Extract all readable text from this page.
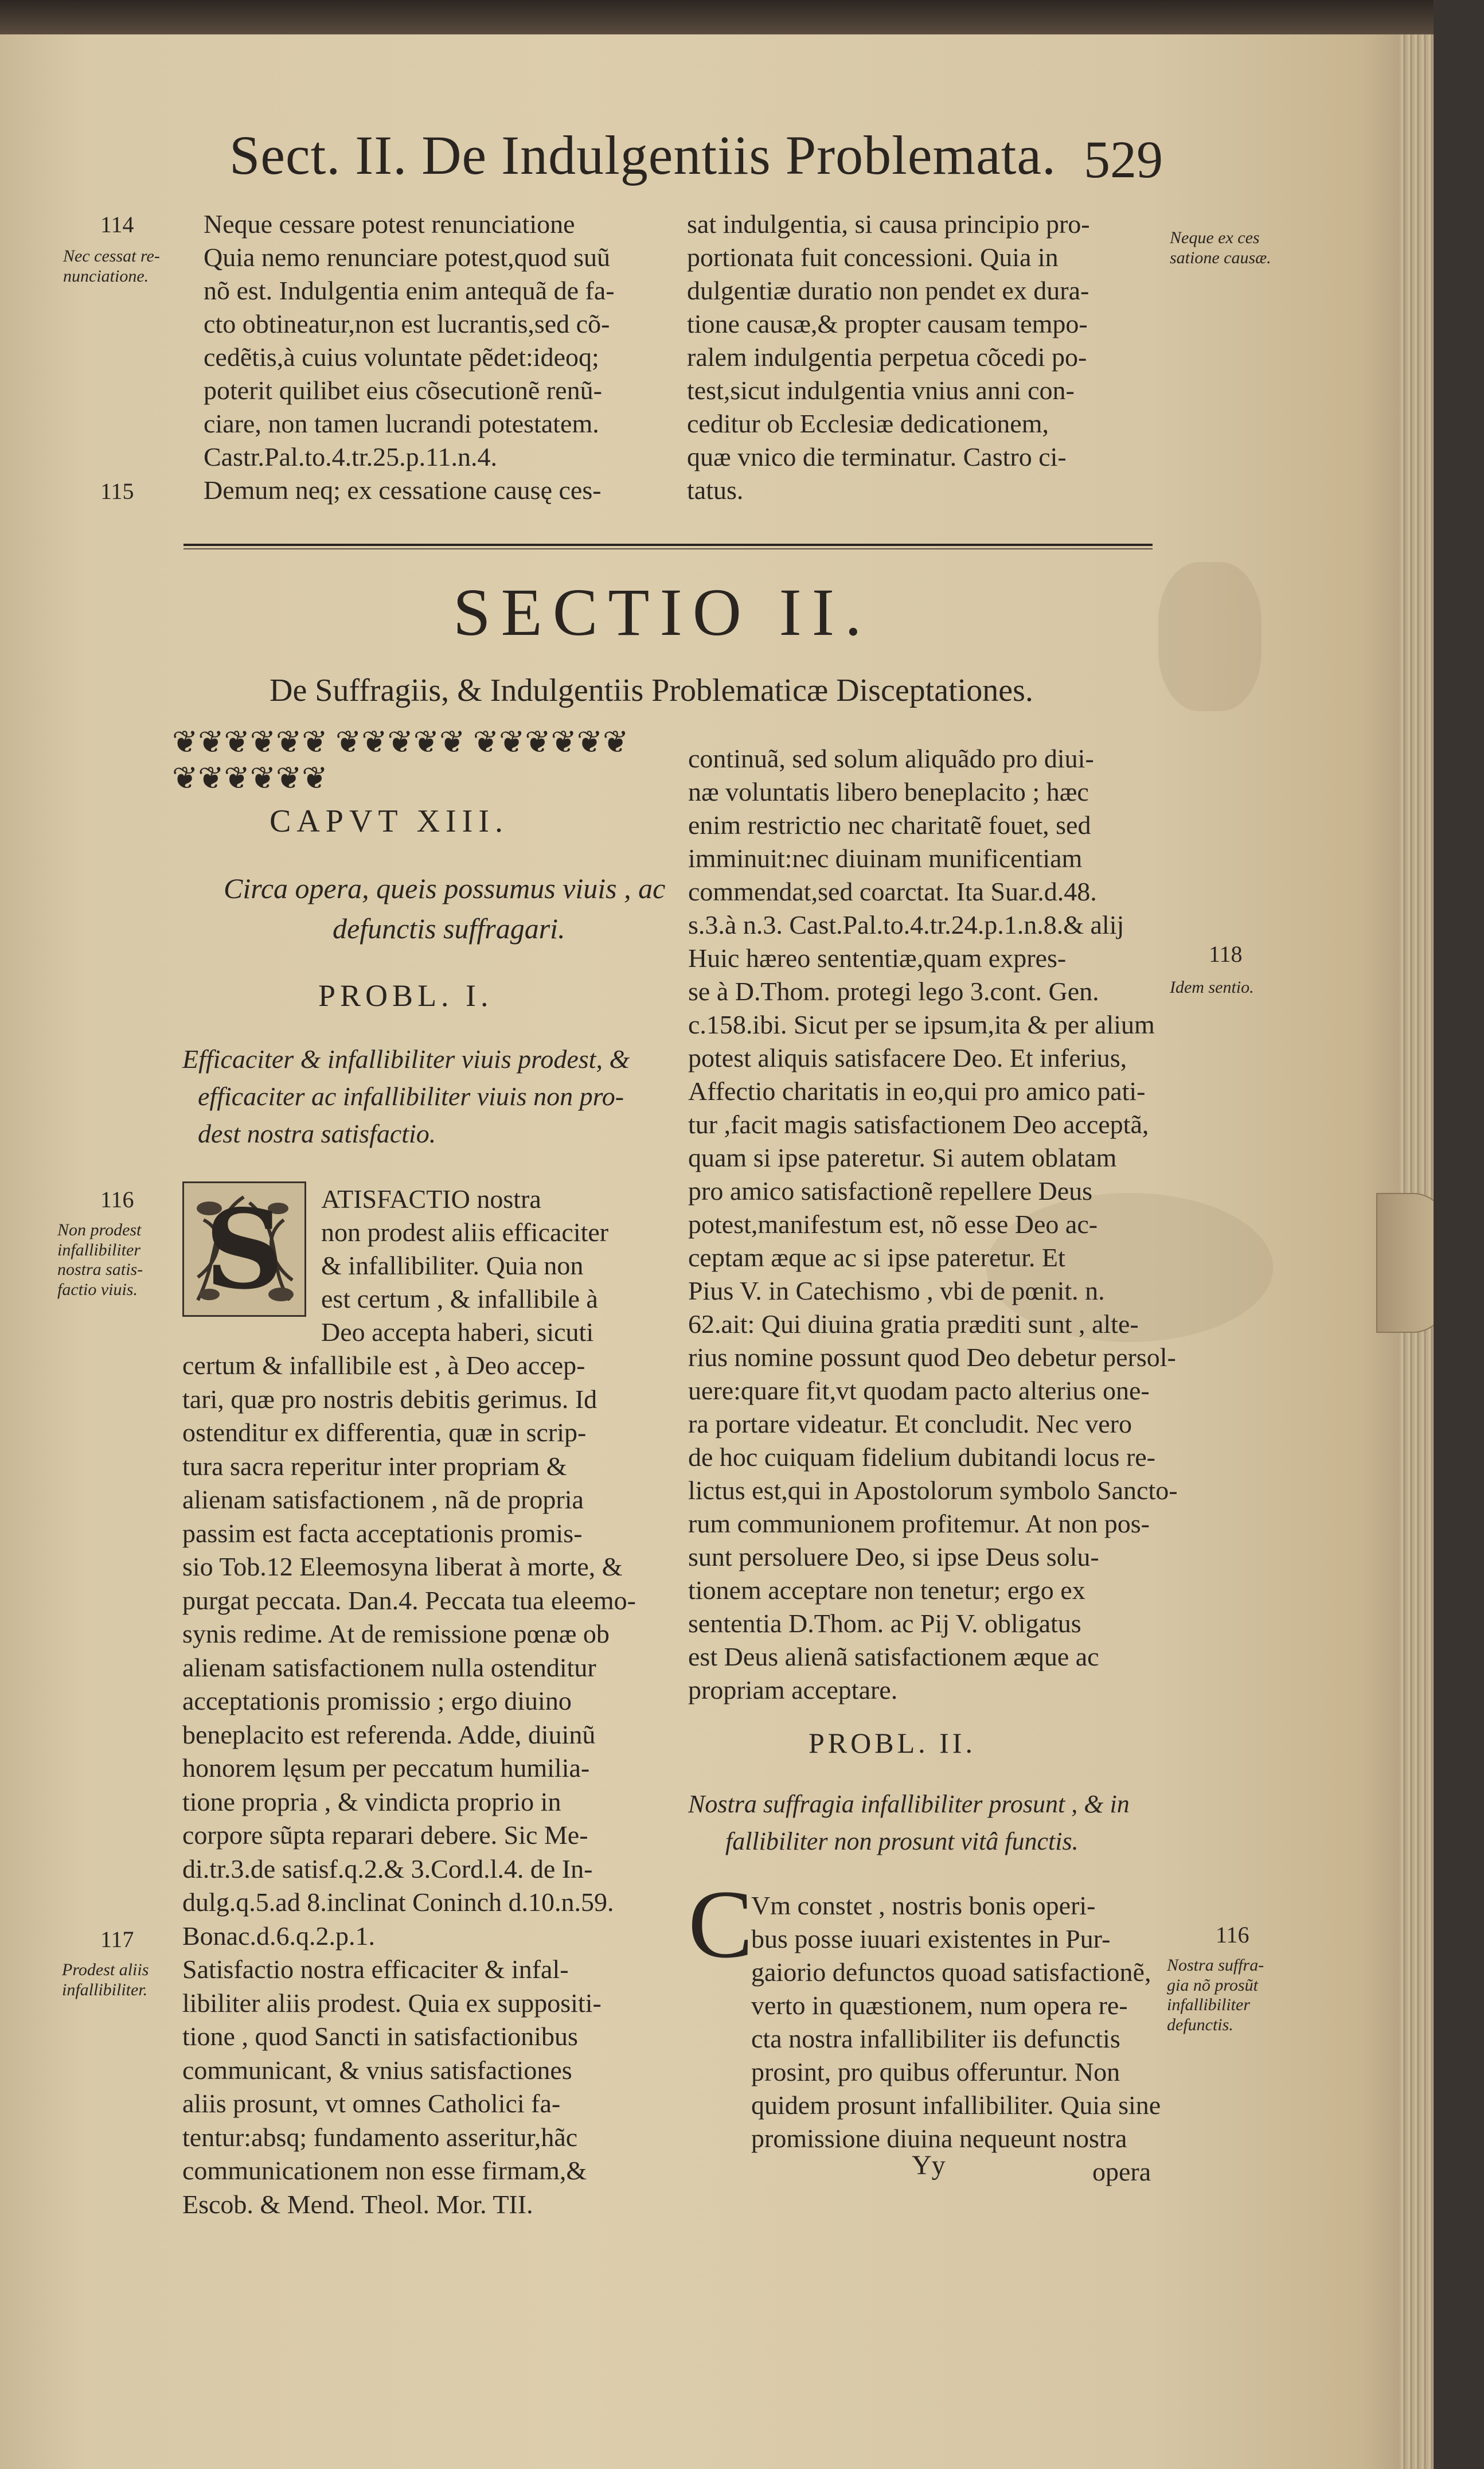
Sect. II. De Indulgentiis Problemata. 529
114
Nec cessat re-
nunciatione.
115
Neque cessare potest renunciatione
Quia nemo renunciare potest,quod suũ
nõ est. Indulgentia enim antequã de fa-
cto obtineatur,non est lucrantis,sed cõ-
cedẽtis,à cuius voluntate pẽdet:ideoq;
poterit quilibet eius cõsecutionẽ renũ-
ciare, non tamen lucrandi potestatem.
Castr.Pal.to.4.tr.25.p.11.n.4.
Demum neq; ex cessatione causę ces-
sat indulgentia, si causa principio pro-
portionata fuit concessioni. Quia in
dulgentiæ duratio non pendet ex dura-
tione causæ,& propter causam tempo-
ralem indulgentia perpetua cõcedi po-
test,sicut indulgentia vnius anni con-
ceditur ob Ecclesiæ dedicationem,
quæ vnico die terminatur. Castro ci-
tatus.
Neque ex ces
satione causæ.
SECTIO II.
De Suffragiis, & Indulgentiis Problematicæ Disceptationes.
❦❦❦❦❦❦ ❦❦❦❦❦ ❦❦❦❦❦❦ ❦❦❦❦❦❦
CAPVT XIII.
Circa opera, queis possumus viuis , ac
defunctis suffragari.
PROBL. I.
Efficaciter & infallibiliter viuis prodest, &
efficaciter ac infallibiliter viuis non pro-
dest nostra satisfactio.
S
116
Non prodest
infallibiliter
nostra satis-
factio viuis.
117
Prodest aliis
infallibiliter.
ATISFACTIO nostra
non prodest aliis efficaciter
& infallibiliter. Quia non
est certum , & infallibile à
Deo accepta haberi, sicuti
certum & infallibile est , à Deo accep-
tari, quæ pro nostris debitis gerimus. Id
ostenditur ex differentia, quæ in scrip-
tura sacra reperitur inter propriam &
alienam satisfactionem , nã de propria
passim est facta acceptationis promis-
sio Tob.12 Eleemosyna liberat à morte, &
purgat peccata. Dan.4. Peccata tua eleemo-
synis redime. At de remissione pœnæ ob
alienam satisfactionem nulla ostenditur
acceptationis promissio ; ergo diuino
beneplacito est referenda. Adde, diuinũ
honorem lęsum per peccatum humilia-
tione propria , & vindicta proprio in
corpore sũpta reparari debere. Sic Me-
di.tr.3.de satisf.q.2.& 3.Cord.l.4. de In-
dulg.q.5.ad 8.inclinat Coninch d.10.n.59.
Bonac.d.6.q.2.p.1.
Satisfactio nostra efficaciter & infal-
libiliter aliis prodest. Quia ex suppositi-
tione , quod Sancti in satisfactionibus
communicant, & vnius satisfactiones
aliis prosunt, vt omnes Catholici fa-
tentur:absq; fundamento asseritur,hãc
communicationem non esse firmam,&
Escob. & Mend. Theol. Mor. TII.
continuã, sed solum aliquãdo pro diui-
næ voluntatis libero beneplacito ; hæc
enim restrictio nec charitatẽ fouet, sed
imminuit:nec diuinam munificentiam
commendat,sed coarctat. Ita Suar.d.48.
s.3.à n.3. Cast.Pal.to.4.tr.24.p.1.n.8.& alij
Huic hæreo sententiæ,quam expres-
se à D.Thom. protegi lego 3.cont. Gen.
c.158.ibi. Sicut per se ipsum,ita & per alium
potest aliquis satisfacere Deo. Et inferius,
Affectio charitatis in eo,qui pro amico pati-
tur ,facit magis satisfactionem Deo acceptã,
quam si ipse pateretur. Si autem oblatam
pro amico satisfactionẽ repellere Deus
potest,manifestum est, nõ esse Deo ac-
ceptam æque ac si ipse pateretur. Et
Pius V. in Catechismo , vbi de pœnit. n.
62.ait: Qui diuina gratia præditi sunt , alte-
rius nomine possunt quod Deo debetur persol-
uere:quare fit,vt quodam pacto alterius one-
ra portare videatur. Et concludit. Nec vero
de hoc cuiquam fidelium dubitandi locus re-
lictus est,qui in Apostolorum symbolo Sancto-
rum communionem profitemur. At non pos-
sunt persoluere Deo, si ipse Deus solu-
tionem acceptare non tenetur; ergo ex
sententia D.Thom. ac Pij V. obligatus
est Deus alienã satisfactionem æque ac
propriam acceptare.
PROBL. II.
Nostra suffragia infallibiliter prosunt , & in
fallibiliter non prosunt vitâ functis.
C
Vm constet , nostris bonis operi-
bus posse iuuari existentes in Pur-
gaiorio defunctos quoad satisfactionẽ,
verto in quæstionem, num opera re-
cta nostra infallibiliter iis defunctis
prosint, pro quibus offeruntur. Non
quidem prosunt infallibiliter. Quia sine
promissione diuina nequeunt nostra
Yy	opera
118
Idem sentio.
116
Nostra suffra-
gia nõ prosũt
infallibiliter
defunctis.
